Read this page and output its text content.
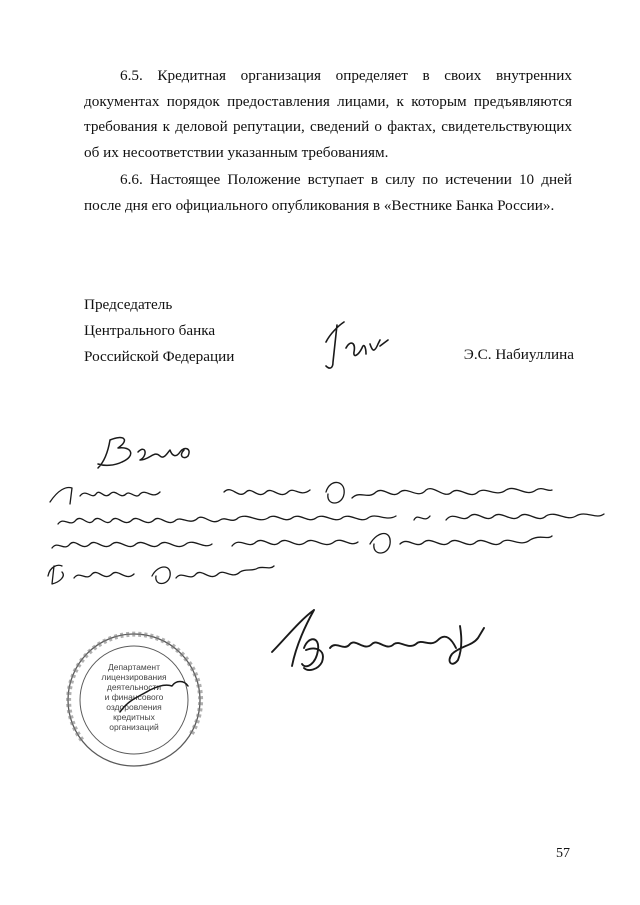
6.5. Кредитная организация определяет в своих внутренних документах порядок предоставления лицами, к которым предъявляются требования к деловой репутации, сведений о фактах, свидетельствующих об их несоответствии указанным требованиям.

6.6. Настоящее Положение вступает в силу по истечении 10 дней после дня его официального опубликования в «Вестнике Банка России».

Председатель
Центрального банка
Российской Федерации	Э.С. Набиуллина
Департамент
лицензирования
деятельности
и финансового
оздоровления
кредитных
организаций
57
